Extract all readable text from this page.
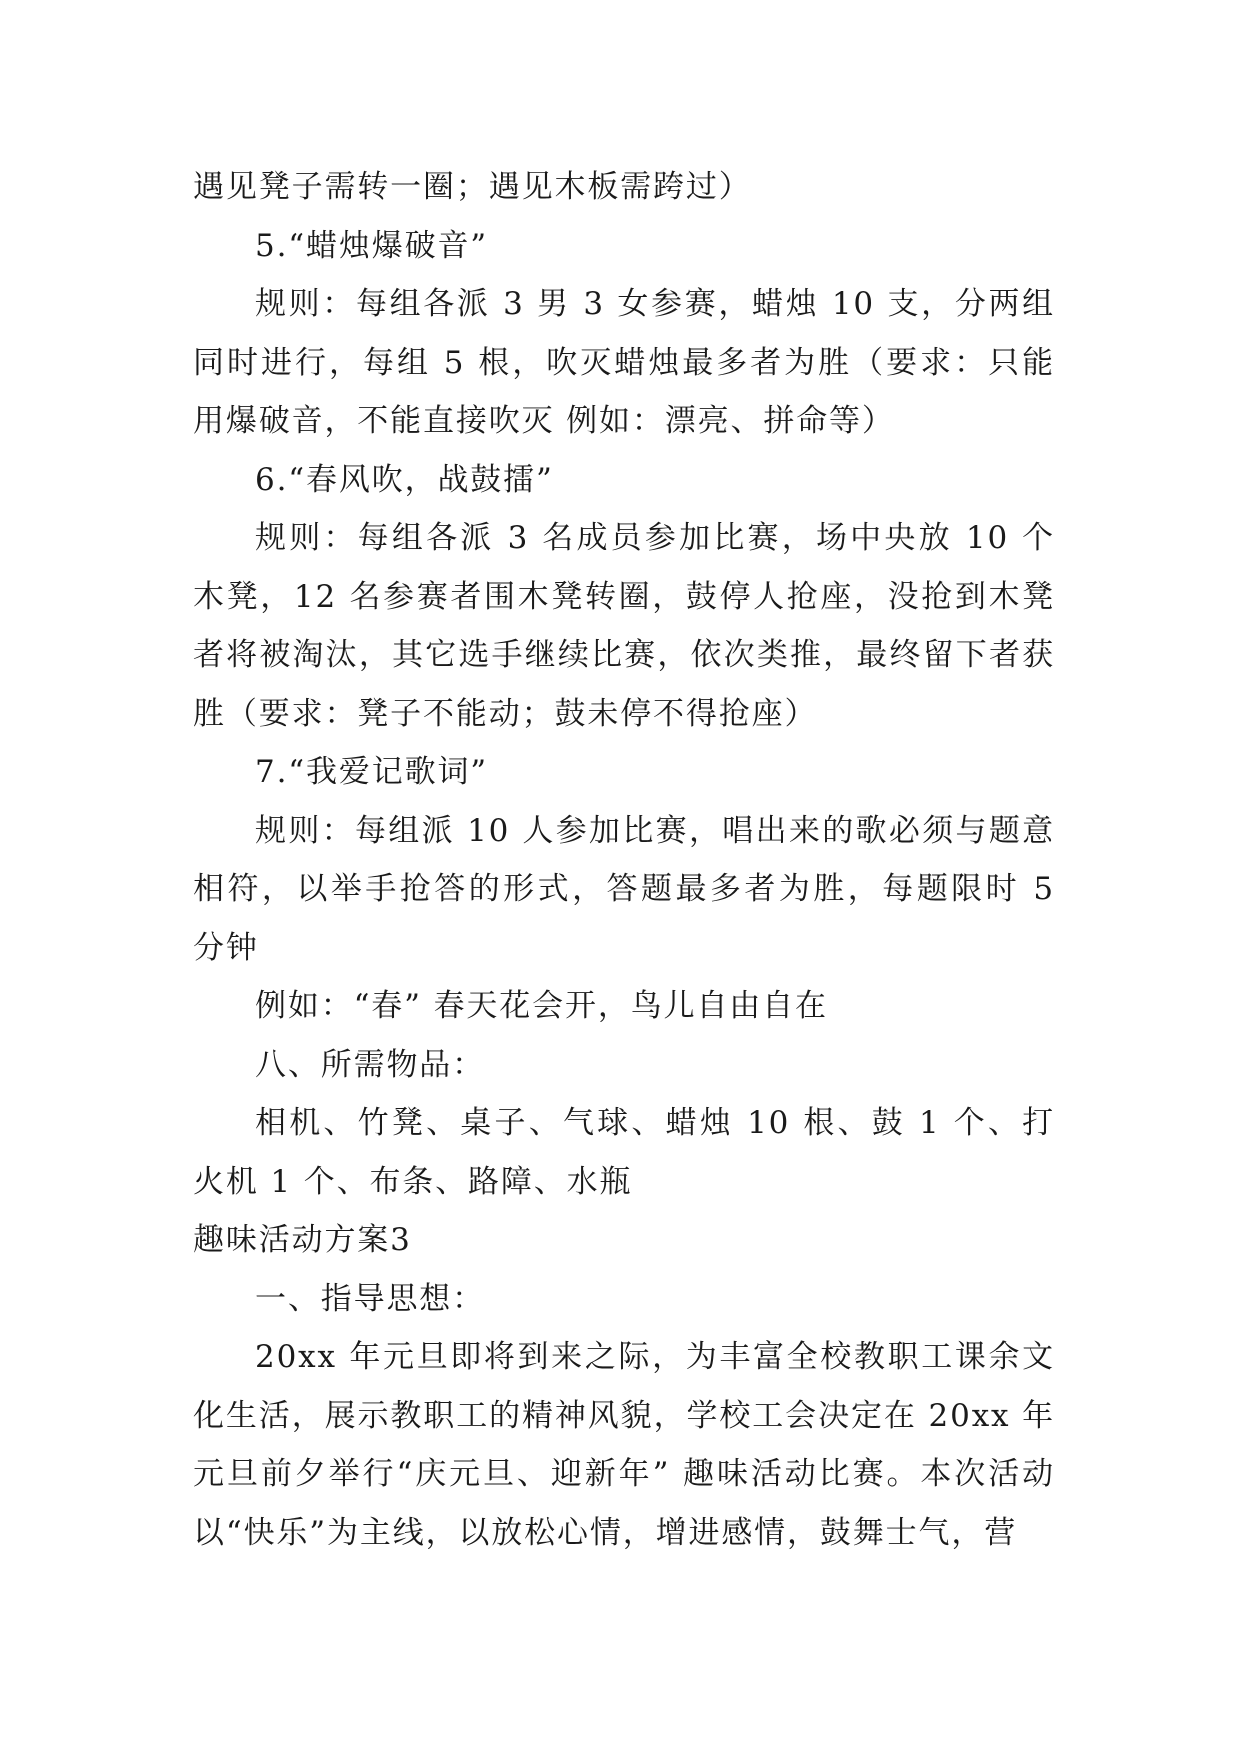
遇见凳子需转一圈；遇见木板需跨过）

5.“蜡烛爆破音”

规则：每组各派 3 男 3 女参赛，蜡烛 10 支，分两组同时进行，每组 5 根，吹灭蜡烛最多者为胜（要求：只能用爆破音，不能直接吹灭 例如：漂亮、拼命等）

6.“春风吹，战鼓擂”

规则：每组各派 3 名成员参加比赛，场中央放 10 个木凳，12 名参赛者围木凳转圈，鼓停人抢座，没抢到木凳者将被淘汰，其它选手继续比赛，依次类推，最终留下者获胜（要求：凳子不能动；鼓未停不得抢座）

7.“我爱记歌词”

规则：每组派 10 人参加比赛，唱出来的歌必须与题意相符，以举手抢答的形式，答题最多者为胜，每题限时 5 分钟

例如：“春” 春天花会开，鸟儿自由自在

八、所需物品：

相机、竹凳、桌子、气球、蜡烛 10 根、鼓 1 个、打火机 1 个、布条、路障、水瓶

趣味活动方案3

一、指导思想：

20xx 年元旦即将到来之际，为丰富全校教职工课余文化生活，展示教职工的精神风貌，学校工会决定在 20xx 年元旦前夕举行“庆元旦、迎新年” 趣味活动比赛。本次活动以“快乐”为主线，以放松心情，增进感情，鼓舞士气，营
